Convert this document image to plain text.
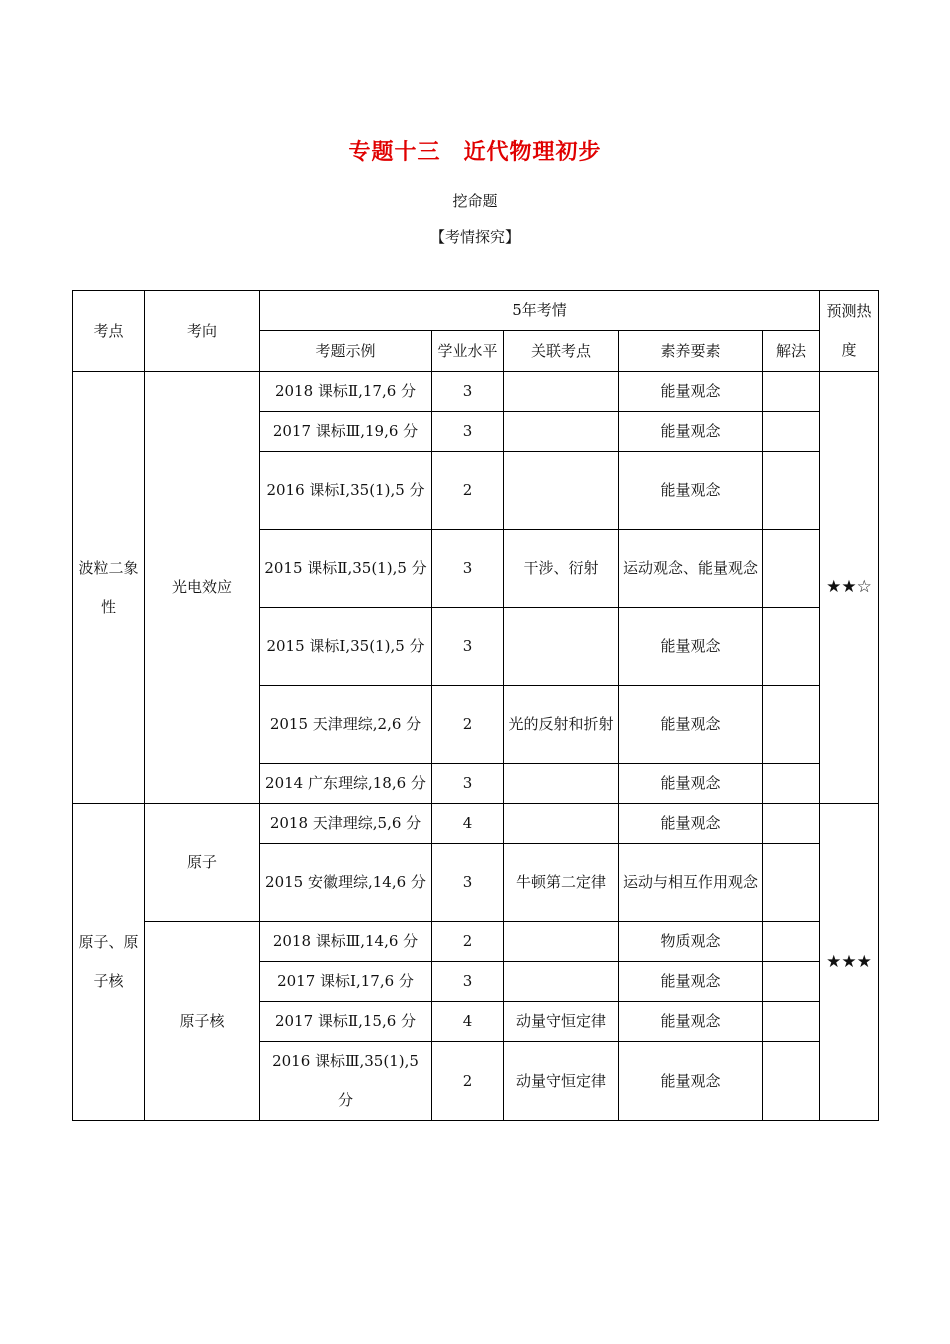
专题十三　近代物理初步
挖命题
【考情探究】
考点	考向	5年考情					预测热度
		考题示例	学业水平	关联考点	素养要素	解法	
波粒二象性	光电效应	2018 课标Ⅱ,17,6 分	3		能量观念		★★☆
		2017 课标Ⅲ,19,6 分	3		能量观念		
		2016 课标Ⅰ,35(1),5 分	2		能量观念		
		2015 课标Ⅱ,35(1),5 分	3	干涉、衍射	运动观念、能量观念		
		2015 课标Ⅰ,35(1),5 分	3		能量观念		
		2015 天津理综,2,6 分	2	光的反射和折射	能量观念		
		2014 广东理综,18,6 分	3		能量观念		
原子、原子核	原子	2018 天津理综,5,6 分	4		能量观念		★★★
		2015 安徽理综,14,6 分	3	牛顿第二定律	运动与相互作用观念		
	原子核	2018 课标Ⅲ,14,6 分	2		物质观念		
		2017 课标Ⅰ,17,6 分	3		能量观念		
		2017 课标Ⅱ,15,6 分	4	动量守恒定律	能量观念		
		2016 课标Ⅲ,35(1),5 分	2	动量守恒定律	能量观念		
